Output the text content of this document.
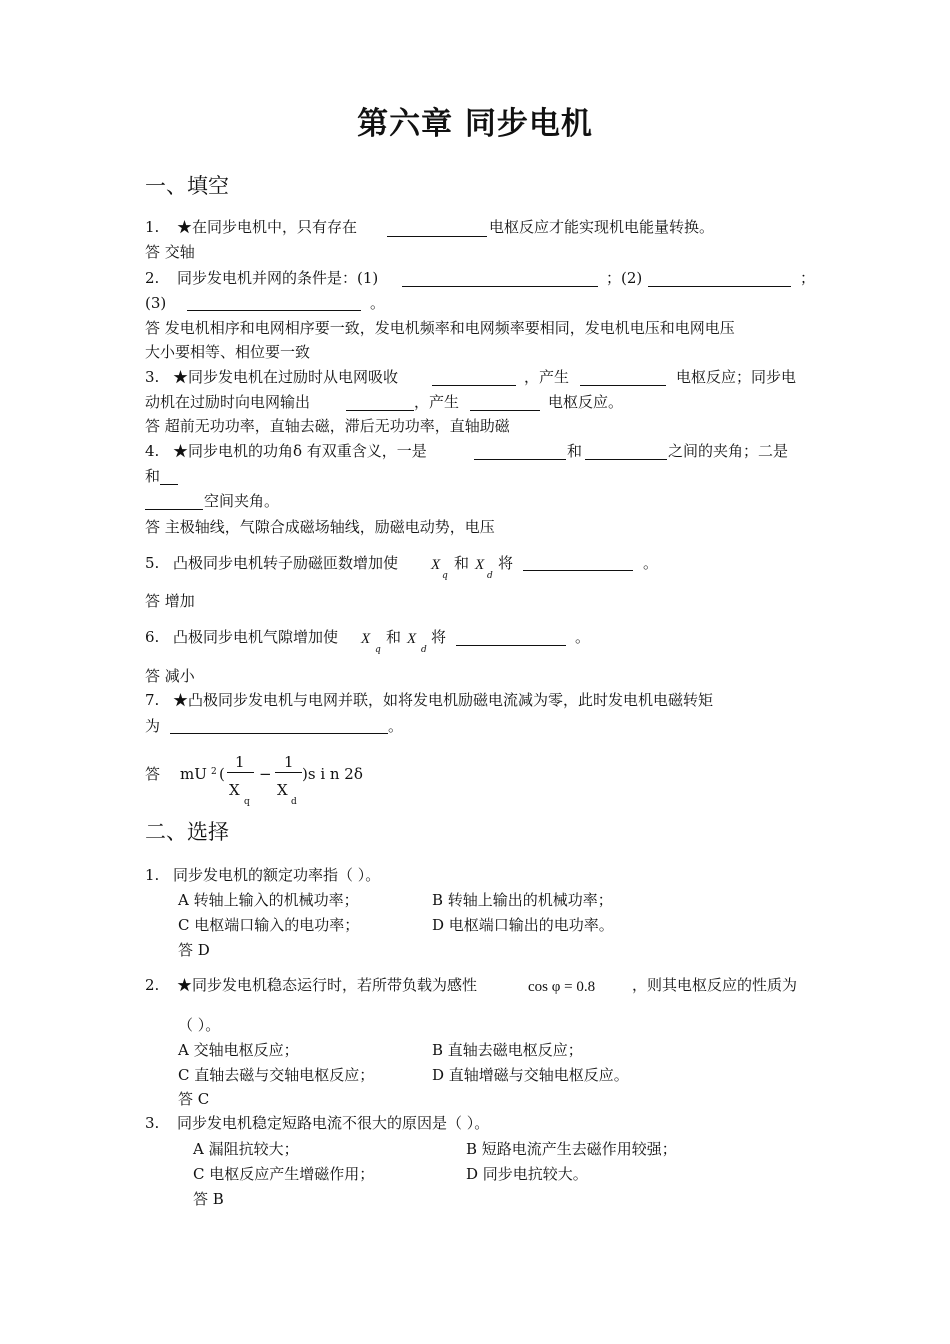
第六章 同步电机
一、填空
1. ★在同步电机中，只有存在	电枢反应才能实现机电能量转换。
答 交轴
2. 同步发电机并网的条件是：(1)	；(2)	；
(3)	。
答 发电机相序和电网相序要一致，发电机频率和电网频率要相同，发电机电压和电网电压
大小要相等、相位要一致
3. ★同步发电机在过励时从电网吸收	，产生	电枢反应；同步电
动机在过励时向电网输出	，产生	电枢反应。
答 超前无功功率，直轴去磁，滞后无功功率，直轴助磁
4. ★同步电机的功角δ 有双重含义，一是	和	之间的夹角；二是
和
空间夹角。
答 主极轴线，气隙合成磁场轴线，励磁电动势，电压
5. 凸极同步电机转子励磁匝数增加使 X
q
和 X
d
将	。
答 增加
6. 凸极同步电机气隙增加使 X
q
和 X
d
将	。
答 减小
7. ★凸极同步发电机与电网并联，如将发电机励磁电流减为零，此时发电机电磁转矩
为	。
答 mU 2 (
1
X
q
−
1
X
d
)s i n 2δ
二、选择
1. 同步发电机的额定功率指（ ）。
A 转轴上输入的机械功率；	B 转轴上输出的机械功率；
C 电枢端口输入的电功率；	D 电枢端口输出的电功率。
答 D
2. ★同步发电机稳态运行时，若所带负载为感性	cos φ = 0.8 ，则其电枢反应的性质为
（ ）。
A 交轴电枢反应；	B 直轴去磁电枢反应；
C 直轴去磁与交轴电枢反应；	D 直轴增磁与交轴电枢反应。
答 C
3. 同步发电机稳定短路电流不很大的原因是（ ）。
A 漏阻抗较大；	B 短路电流产生去磁作用较强；
C 电枢反应产生增磁作用；	D 同步电抗较大。
答 B
